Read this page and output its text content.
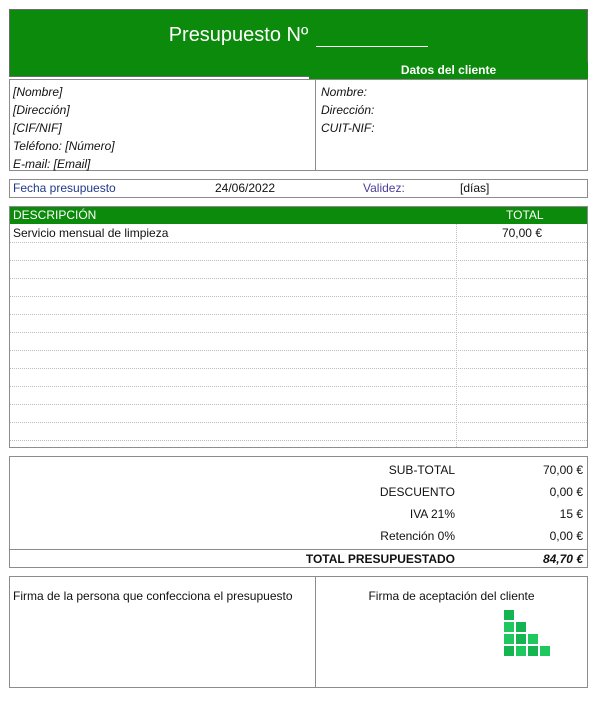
Presupuesto Nº
Datos del cliente
[Nombre]
[Dirección]
[CIF/NIF]
Teléfono: [Número]
E-mail: [Email]
Nombre:
Dirección:
CUIT-NIF:
Fecha presupuesto	24/06/2022	Validez:	[días]
DESCRIPCIÓN	TOTAL
Servicio mensual de limpieza	70,00 €
SUB-TOTAL	70,00 €
DESCUENTO	0,00 €
IVA 21%	15 €
Retención 0%	0,00 €
TOTAL PRESUPUESTADO	84,70 €
Firma de la persona que confecciona el presupuesto	Firma de aceptación del cliente
